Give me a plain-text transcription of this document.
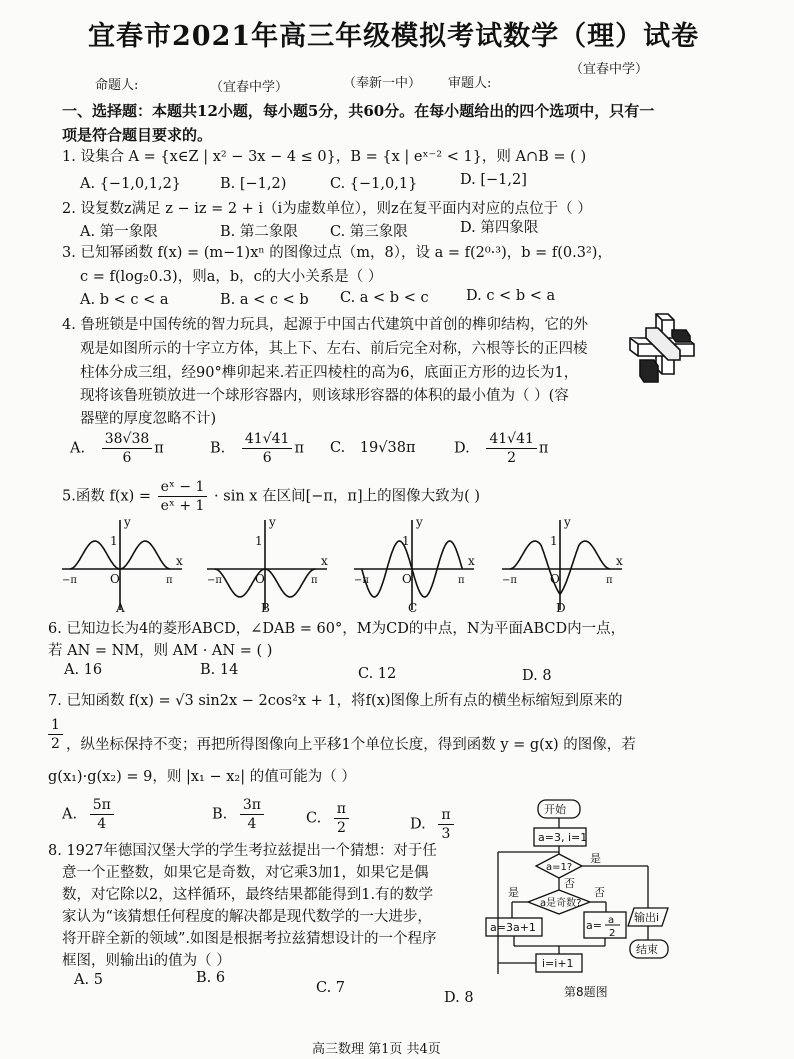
宜春市2021年高三年级模拟考试数学（理）试卷
命题人:	（宜春中学）	（奉新一中） 审题人:
（宜春中学）
一、选择题：本题共12小题，每小题5分，共60分。在每小题给出的四个选项中，只有一
项是符合题目要求的。
1. 设集合 A = {x∈Z | x² − 3x − 4 ≤ 0}，B = {x | eˣ⁻² < 1}，则 A∩B = ( )
A. {−1,0,1,2}	B. [−1,2)	C. {−1,0,1}	D. [−1,2]
2. 设复数z满足 z − iz = 2 + i（i为虚数单位），则z在复平面内对应的点位于（ ）
A. 第一象限	B. 第二象限 C. 第三象限	D. 第四象限
3. 已知幂函数 f(x) = (m−1)xⁿ 的图像过点（m，8），设 a = f(2⁰·³)，b = f(0.3²)，
c = f(log₂0.3)，则a，b，c的大小关系是（ ）
A. b < c < a	B. a < c < b C. a < b < c	D. c < b < a
4. 鲁班锁是中国传统的智力玩具，起源于中国古代建筑中首创的榫卯结构，它的外
观是如图所示的十字立方体，其上下、左右、前后完全对称，六根等长的正四棱
柱体分成三组，经90°榫卯起来.若正四棱柱的高为6，底面正方形的边长为1，
现将该鲁班锁放进一个球形容器内，则该球形容器的体积的最小值为（ ）(容
器壁的厚度忽略不计)
A. $\frac{38√38}{6}$ π	B. $\frac{41√41}{6}$ π C. 19√38π	D. $\frac{41√41}{2}$ π
5.函数 $f(x) = \frac{\text{eˣ − 1}}{\text{eˣ + 1}} \cdot \sin x$ 在区间[−π，π]上的图像大致为( )
y
x
O
1
−π	π
A
y
x
O
1
−π	π
B
y
x
O
1
−π	π
C
y
x
O
1
−π	π
D
6. 已知边长为4的菱形ABCD，∠DAB = 60°，M为CD的中点，N为平面ABCD内一点，
若 AN = NM，则 AM · AN = ( )
A. 16	B. 14	C. 12	D. 8
7. 已知函数 f(x) = √3 sin2x − 2cos²x + 1，将f(x)图像上所有点的横坐标缩短到原来的
$\frac{1}{2}$ ，纵坐标保持不变；再把所得图像向上平移1个单位长度，得到函数 y = g(x) 的图像，若
g(x₁)·g(x₂) = 9，则 |x₁ − x₂| 的值可能为（ ）
A. $\frac{5\pi}{4}$	B. $\frac{3\pi}{4}$	C. $\frac{\pi}{2}$	D. $\frac{\pi}{3}$
8. 1927年德国汉堡大学的学生考拉兹提出一个猜想：对于任
意一个正整数，如果它是奇数，对它乘3加1，如果它是偶
数，对它除以2，这样循环，最终结果都能得到1.有的数学
家认为“该猜想任何程度的解决都是现代数学的一大进步，
将开辟全新的领域”.如图是根据考拉兹猜想设计的一个程序
框图，则输出i的值为（ ）
A. 5	B. 6
C. 7
D. 8
开始
a=3, i=1
a=1?
是
否
a是奇数?
是	否
a=3a+1	a= a
2
i=i+1
输出i
结束
第8题图
高三数理 第1页 共4页
